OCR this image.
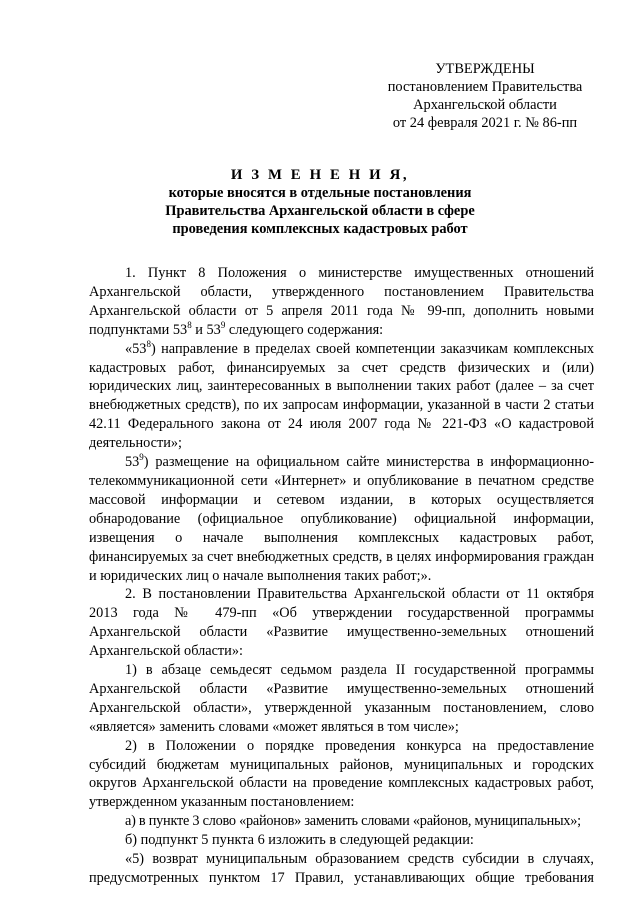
УТВЕРЖДЕНЫ
постановлением Правительства
Архангельской области
от 24 февраля 2021 г. № 86-пп
И З М Е Н Е Н И Я,
которые вносятся в отдельные постановления
Правительства Архангельской области в сфере
проведения комплексных кадастровых работ

1. Пункт 8 Положения о министерстве имущественных отношений Архангельской области, утвержденного постановлением Правительства Архангельской области от 5 апреля 2011 года № 99-пп, дополнить новыми подпунктами $53^8$ и $53^9$ следующего содержания:

«$53^8$) направление в пределах своей компетенции заказчикам комплексных кадастровых работ, финансируемых за счет средств физических и (или) юридических лиц, заинтересованных в выполнении таких работ (далее – за счет внебюджетных средств), по их запросам информации, указанной в части 2 статьи 42.11 Федерального закона от 24 июля 2007 года № 221-ФЗ «О кадастровой деятельности»;

$53^9$) размещение на официальном сайте министерства в информационно-телекоммуникационной сети «Интернет» и опубликование в печатном средстве массовой информации и сетевом издании, в которых осуществляется обнародование (официальное опубликование) официальной информации, извещения о начале выполнения комплексных кадастровых работ, финансируемых за счет внебюджетных средств, в целях информирования граждан и юридических лиц о начале выполнения таких работ;».

2. В постановлении Правительства Архангельской области от 11 октября 2013 года № 479-пп «Об утверждении государственной программы Архангельской области «Развитие имущественно-земельных отношений Архангельской области»:

1) в абзаце семьдесят седьмом раздела II государственной программы Архангельской области «Развитие имущественно-земельных отношений Архангельской области», утвержденной указанным постановлением, слово «является» заменить словами «может являться в том числе»;

2) в Положении о порядке проведения конкурса на предоставление субсидий бюджетам муниципальных районов, муниципальных и городских округов Архангельской области на проведение комплексных кадастровых работ, утвержденном указанным постановлением:

а) в пункте 3 слово «районов» заменить словами «районов, муниципальных»;

б) подпункт 5 пункта 6 изложить в следующей редакции:

«5) возврат муниципальным образованием средств субсидии в случаях, предусмотренных пунктом 17 Правил, устанавливающих общие требования
